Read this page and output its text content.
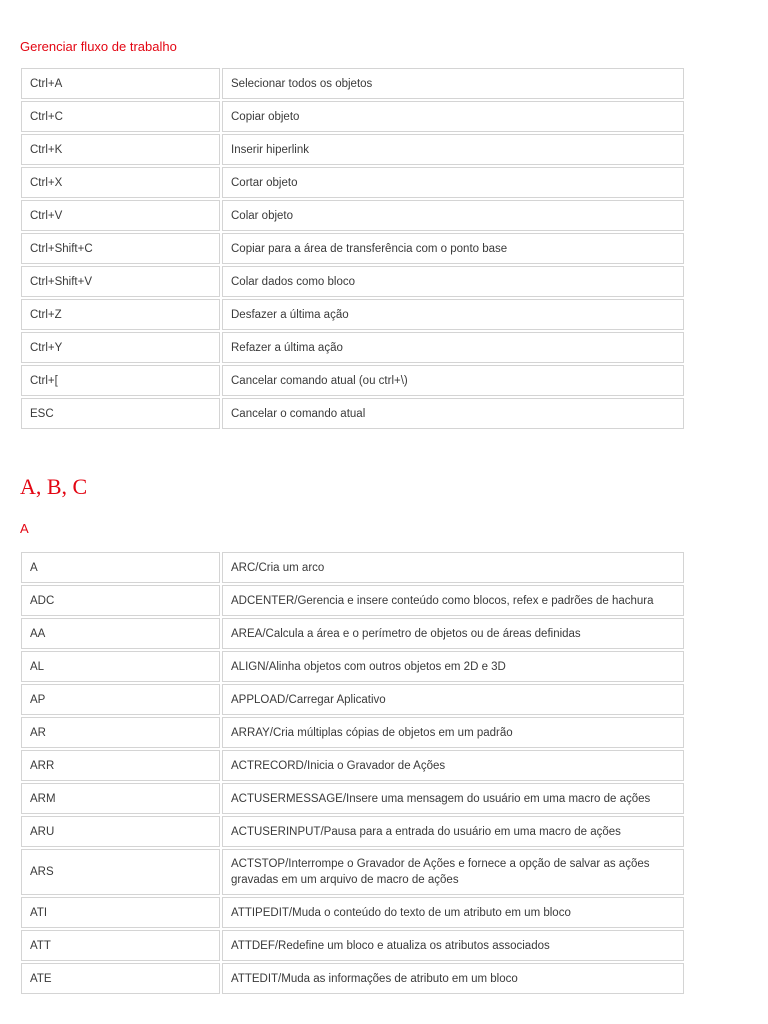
Gerenciar fluxo de trabalho
Ctrl+A	Selecionar todos os objetos
Ctrl+C	Copiar objeto
Ctrl+K	Inserir hiperlink
Ctrl+X	Cortar objeto
Ctrl+V	Colar objeto
Ctrl+Shift+C	Copiar para a área de transferência com o ponto base
Ctrl+Shift+V	Colar dados como bloco
Ctrl+Z	Desfazer a última ação
Ctrl+Y	Refazer a última ação
Ctrl+[	Cancelar comando atual (ou ctrl+\)
ESC	Cancelar o comando atual
A, B, C
A
A	ARC/Cria um arco
ADC	ADCENTER/Gerencia e insere conteúdo como blocos, refex e padrões de hachura
AA	AREA/Calcula a área e o perímetro de objetos ou de áreas definidas
AL	ALIGN/Alinha objetos com outros objetos em 2D e 3D
AP	APPLOAD/Carregar Aplicativo
AR	ARRAY/Cria múltiplas cópias de objetos em um padrão
ARR	ACTRECORD/Inicia o Gravador de Ações
ARM	ACTUSERMESSAGE/Insere uma mensagem do usuário em uma macro de ações
ARU	ACTUSERINPUT/Pausa para a entrada do usuário em uma macro de ações
ARS	ACTSTOP/Interrompe o Gravador de Ações e fornece a opção de salvar as ações gravadas em um arquivo de macro de ações
ATI	ATTIPEDIT/Muda o conteúdo do texto de um atributo em um bloco
ATT	ATTDEF/Redefine um bloco e atualiza os atributos associados
ATE	ATTEDIT/Muda as informações de atributo em um bloco
